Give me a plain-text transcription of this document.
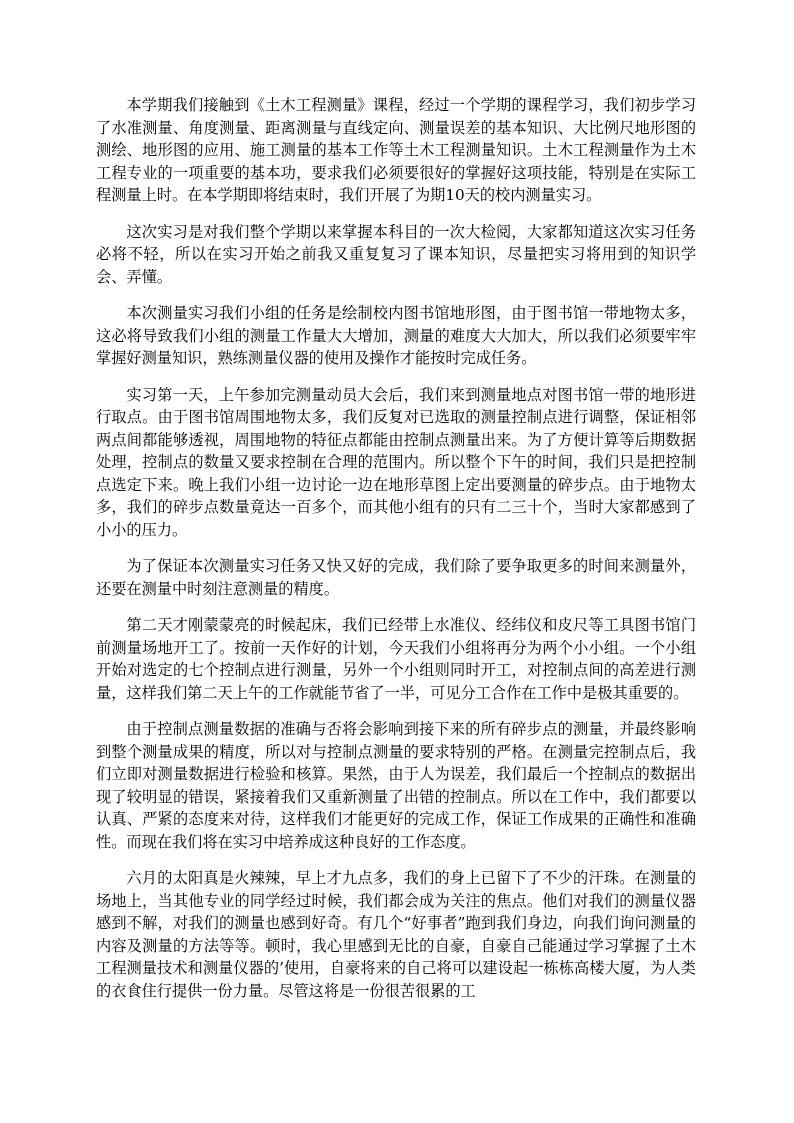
本学期我们接触到《土木工程测量》课程，经过一个学期的课程学习，我们初步学习了水准测量、角度测量、距离测量与直线定向、测量误差的基本知识、大比例尺地形图的测绘、地形图的应用、施工测量的基本工作等土木工程测量知识。土木工程测量作为土木工程专业的一项重要的基本功，要求我们必须要很好的掌握好这项技能，特别是在实际工程测量上时。在本学期即将结束时，我们开展了为期10天的校内测量实习。

这次实习是对我们整个学期以来掌握本科目的一次大检阅，大家都知道这次实习任务必将不轻，所以在实习开始之前我又重复复习了课本知识，尽量把实习将用到的知识学会、弄懂。

本次测量实习我们小组的任务是绘制校内图书馆地形图，由于图书馆一带地物太多，这必将导致我们小组的测量工作量大大增加，测量的难度大大加大，所以我们必须要牢牢掌握好测量知识，熟练测量仪器的使用及操作才能按时完成任务。

实习第一天，上午参加完测量动员大会后，我们来到测量地点对图书馆一带的地形进行取点。由于图书馆周围地物太多，我们反复对已选取的测量控制点进行调整，保证相邻两点间都能够透视，周围地物的特征点都能由控制点测量出来。为了方便计算等后期数据处理，控制点的数量又要求控制在合理的范围内。所以整个下午的时间，我们只是把控制点选定下来。晚上我们小组一边讨论一边在地形草图上定出要测量的碎步点。由于地物太多，我们的碎步点数量竟达一百多个，而其他小组有的只有二三十个，当时大家都感到了小小的压力。

为了保证本次测量实习任务又快又好的完成，我们除了要争取更多的时间来测量外，还要在测量中时刻注意测量的精度。

第二天才刚蒙蒙亮的时候起床，我们已经带上水准仪、经纬仪和皮尺等工具图书馆门前测量场地开工了。按前一天作好的计划，今天我们小组将再分为两个小小组。一个小组开始对选定的七个控制点进行测量，另外一个小组则同时开工，对控制点间的高差进行测量，这样我们第二天上午的工作就能节省了一半，可见分工合作在工作中是极其重要的。

由于控制点测量数据的准确与否将会影响到接下来的所有碎步点的测量，并最终影响到整个测量成果的精度，所以对与控制点测量的要求特别的严格。在测量完控制点后，我们立即对测量数据进行检验和核算。果然，由于人为误差，我们最后一个控制点的数据出现了较明显的错误，紧接着我们又重新测量了出错的控制点。所以在工作中，我们都要以认真、严紧的态度来对待，这样我们才能更好的完成工作，保证工作成果的正确性和准确性。而现在我们将在实习中培养成这种良好的工作态度。

六月的太阳真是火辣辣，早上才九点多，我们的身上已留下了不少的汗珠。在测量的场地上，当其他专业的同学经过时候，我们都会成为关注的焦点。他们对我们的测量仪器感到不解，对我们的测量也感到好奇。有几个“好事者”跑到我们身边，向我们询问测量的内容及测量的方法等等。顿时，我心里感到无比的自豪，自豪自己能通过学习掌握了土木工程测量技术和测量仪器的’使用，自豪将来的自己将可以建设起一栋栋高楼大厦，为人类的衣食住行提供一份力量。尽管这将是一份很苦很累的工
